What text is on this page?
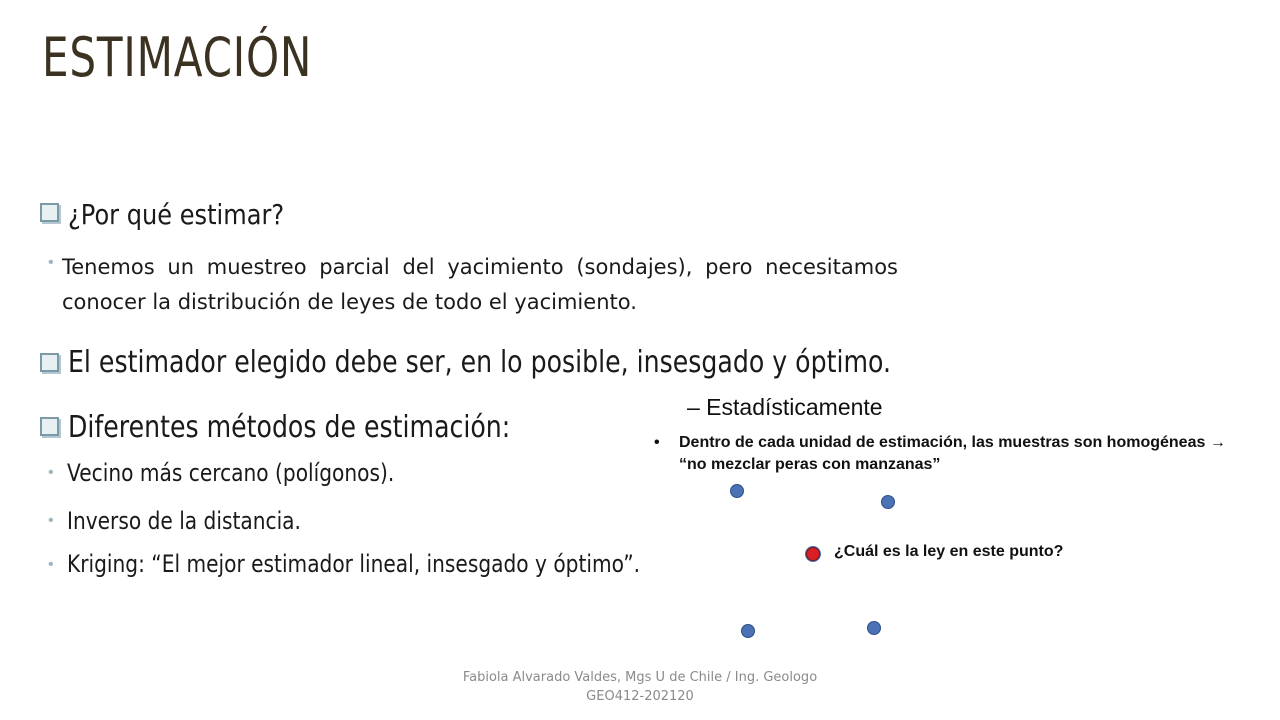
ESTIMACIÓN
¿Por qué estimar?
• Tenemos un muestreo parcial del yacimiento (sondajes), pero necesitamos conocer la distribución de leyes de todo el yacimiento.
El estimador elegido debe ser, en lo posible, insesgado y óptimo.
Diferentes métodos de estimación:
• Vecino más cercano (polígonos).
• Inverso de la distancia.
• Kriging: “El mejor estimador lineal, insesgado y óptimo”.
– Estadísticamente
• Dentro de cada unidad de estimación, las muestras son homogéneas →
“no mezclar peras con manzanas”
¿Cuál es la ley en este punto?
Fabiola Alvarado Valdes, Mgs U de Chile / Ing. Geologo
GEO412-202120
